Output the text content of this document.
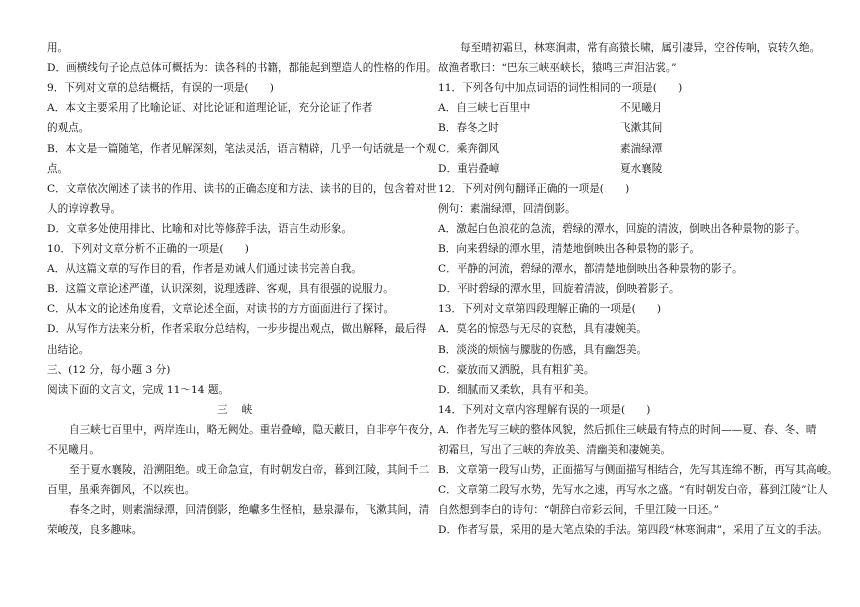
用。
D．画横线句子论点总体可概括为：读各科的书籍，都能起到塑造人的性格的作用。
9．下列对文章的总结概括，有误的一项是(　　)
A．本文主要采用了比喻论证、对比论证和道理论证，充分论证了作者
的观点。
B．本文是一篇随笔，作者见解深刻，笔法灵活，语言精辟，几乎一句话就是一个观
点。
C．文章依次阐述了读书的作用、读书的正确态度和方法、读书的目的，包含着对世
人的谆谆教导。
D．文章多处使用排比、比喻和对比等修辞手法，语言生动形象。
10．下列对文章分析不正确的一项是(　　)
A．从这篇文章的写作目的看，作者是劝诫人们通过读书完善自我。
B．这篇文章论述严谨，认识深刻，说理透辟、客观，具有很强的说服力。
C．从本文的论述角度看，文章论述全面，对读书的方方面面进行了探讨。
D．从写作方法来分析，作者采取分总结构，一步步提出观点，做出解释，最后得
出结论。
三、(12 分，每小题 3 分)
阅读下面的文言文，完成 11～14 题。
三峡
自三峡七百里中，两岸连山，略无阙处。重岩叠嶂，隐天蔽日，自非亭午夜分，
不见曦月。
至于夏水襄陵，沿溯阻绝。或王命急宣，有时朝发白帝，暮到江陵，其间千二
百里，虽乘奔御风，不以疾也。
春冬之时，则素湍绿潭，回清倒影，绝巘多生怪柏，悬泉瀑布，飞漱其间，清
荣峻茂，良多趣味。
每至晴初霜旦，林寒涧肃，常有高猿长啸，属引凄异，空谷传响，哀转久绝。
故渔者歌曰：“巴东三峡巫峡长，猿鸣三声泪沾裳。”
11．下列各句中加点词语的词性相同的一项是(　　)
A．自三峡七百里中	不见曦月
B．春冬之时	飞漱其间
C．乘奔御风	素湍绿潭
D．重岩叠嶂	夏水襄陵
12．下列对例句翻译正确的一项是(　　)
例句：素湍绿潭，回清倒影。
A．激起白色浪花的急流，碧绿的潭水，回旋的清波，倒映出各种景物的影子。
B．向来碧绿的潭水里，清楚地倒映出各种景物的影子。
C．平静的河流，碧绿的潭水，都清楚地倒映出各种景物的影子。
D．平时碧绿的潭水里，回旋着清波，倒映着影子。
13．下列对文章第四段理解正确的一项是(　　)
A．莫名的惊恐与无尽的哀愁，具有凄婉美。
B．淡淡的烦恼与朦胧的伤感，具有幽怨美。
C．豪放而又洒脱，具有粗犷美。
D．细腻而又柔软，具有平和美。
14．下列对文章内容理解有误的一项是(　　)
A．作者先写三峡的整体风貌，然后抓住三峡最有特点的时间——夏、春、冬、晴
初霜旦，写出了三峡的奔放美、清幽美和凄婉美。
B．文章第一段写山势，正面描写与侧面描写相结合，先写其连绵不断，再写其高峻。
C．文章第二段写水势，先写水之速，再写水之盛。“有时朝发白帝，暮到江陵”让人
自然想到李白的诗句：“朝辞白帝彩云间，千里江陵一日还。”
D．作者写景，采用的是大笔点染的手法。第四段“林寒涧肃”，采用了互文的手法。
